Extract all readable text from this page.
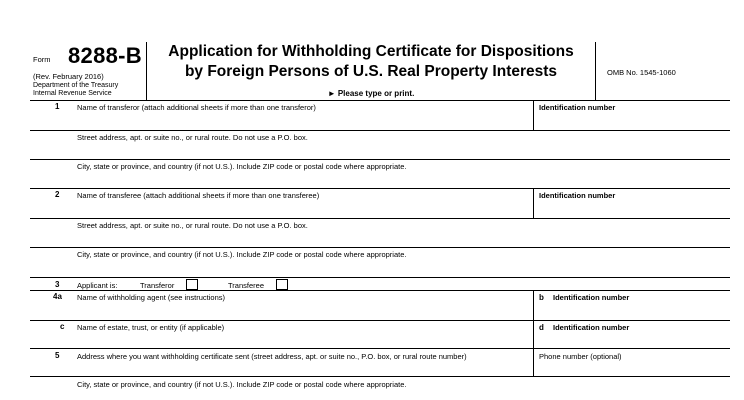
Form 8288-B
(Rev. February 2016)
Department of the Treasury
Internal Revenue Service
Application for Withholding Certificate for Dispositions
by Foreign Persons of U.S. Real Property Interests
► Please type or print.
OMB No. 1545-1060
1 Name of transferor (attach additional sheets if more than one transferor)	Identification number
Street address, apt. or suite no., or rural route. Do not use a P.O. box.
City, state or province, and country (if not U.S.). Include ZIP code or postal code where appropriate.
2 Name of transferee (attach additional sheets if more than one transferee)	Identification number
Street address, apt. or suite no., or rural route. Do not use a P.O. box.
City, state or province, and country (if not U.S.). Include ZIP code or postal code where appropriate.
3 Applicant is:	Transferor	Transferee
4a Name of withholding agent (see instructions)	b Identification number
c Name of estate, trust, or entity (if applicable)	d Identification number
5 Address where you want withholding certificate sent (street address, apt. or suite no., P.O. box, or rural route number)	Phone number (optional)
City, state or province, and country (if not U.S.). Include ZIP code or postal code where appropriate.
